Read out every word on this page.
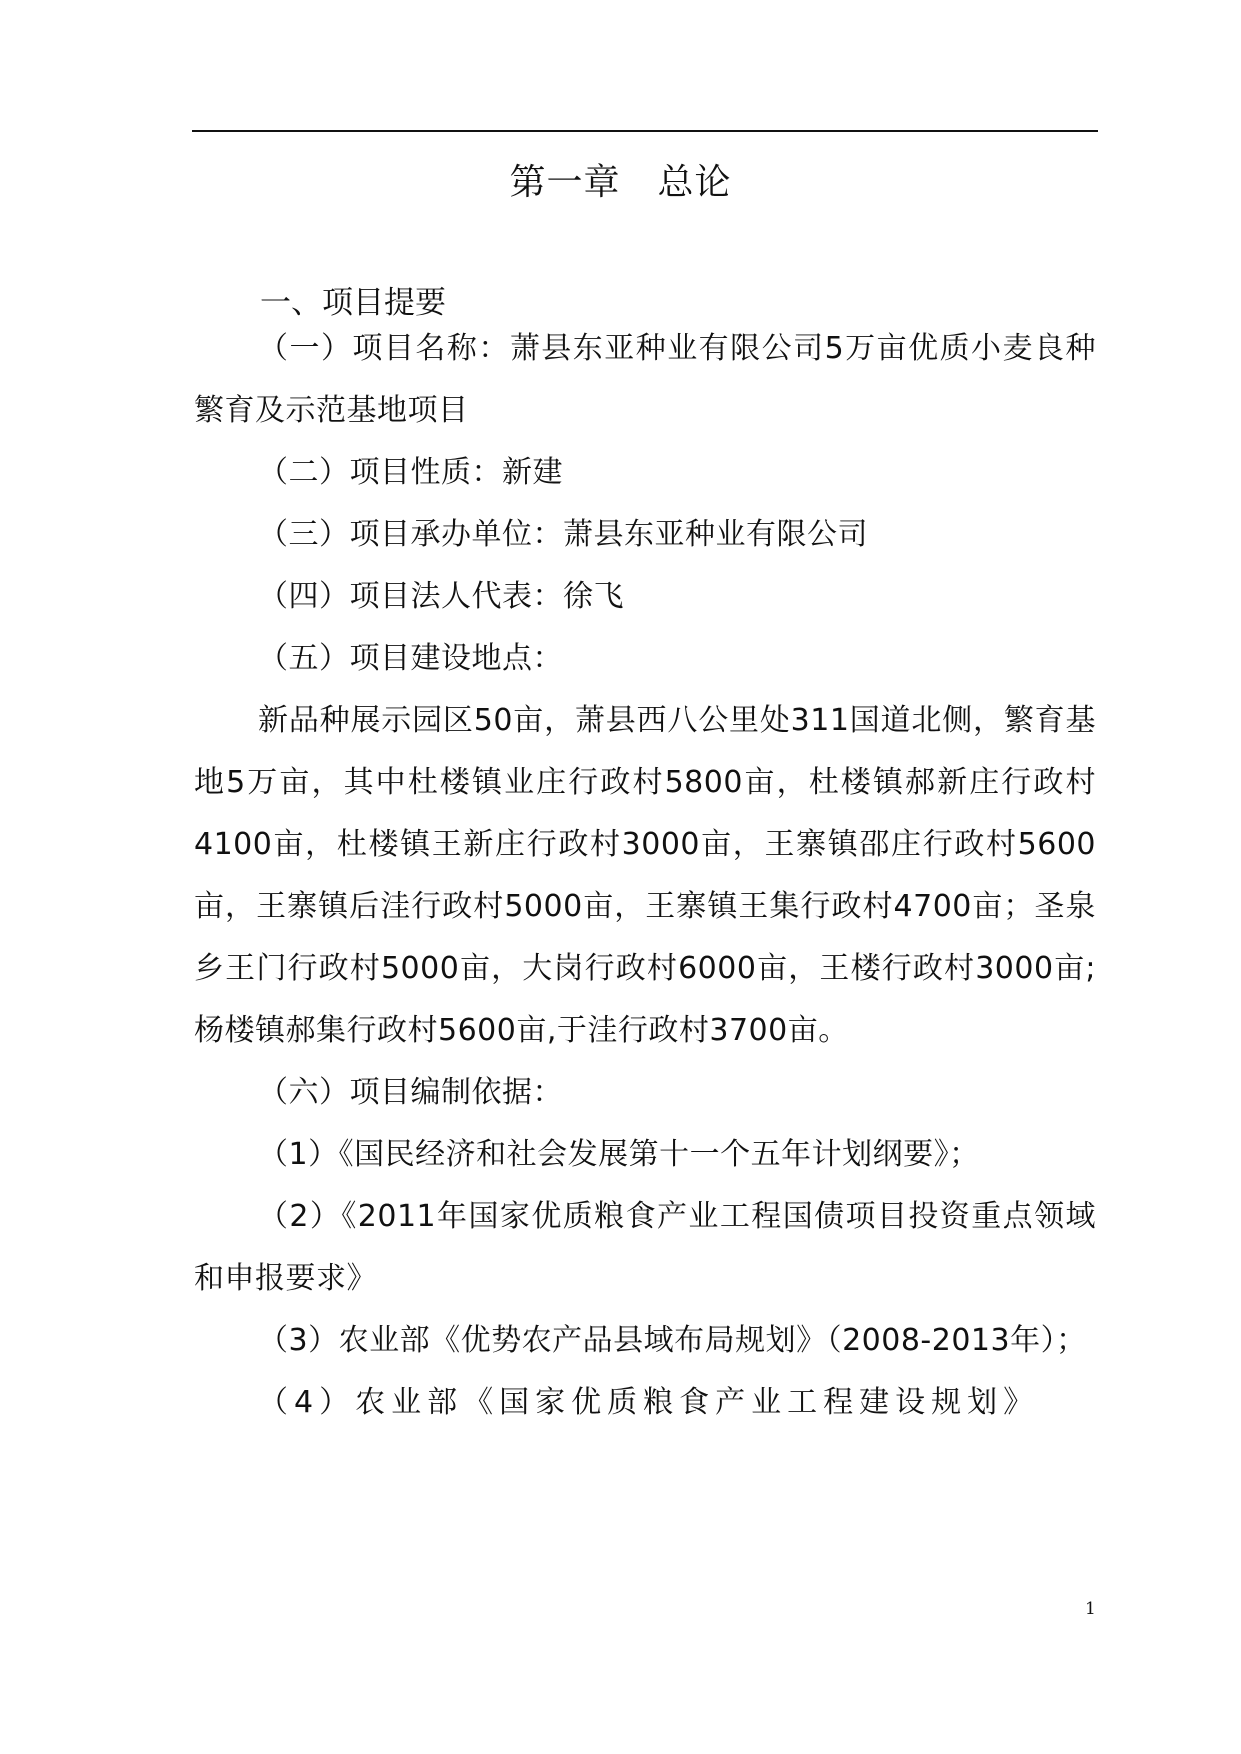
第一章　总论
一、项目提要

（一）项目名称：萧县东亚种业有限公司5万亩优质小麦良种繁育及示范基地项目

（二）项目性质：新建

（三）项目承办单位：萧县东亚种业有限公司

（四）项目法人代表：徐飞

（五）项目建设地点：

新品种展示园区50亩，萧县西八公里处311国道北侧，繁育基地5万亩，其中杜楼镇业庄行政村5800亩，杜楼镇郝新庄行政村4100亩，杜楼镇王新庄行政村3000亩，王寨镇邵庄行政村5600亩，王寨镇后洼行政村5000亩，王寨镇王集行政村4700亩；圣泉乡王门行政村5000亩，大岗行政村6000亩，王楼行政村3000亩;杨楼镇郝集行政村5600亩,于洼行政村3700亩。

（六）项目编制依据：

（1）《国民经济和社会发展第十一个五年计划纲要》；

（2）《2011年国家优质粮食产业工程国债项目投资重点领域和申报要求》

（3）农业部《优势农产品县域布局规划》（2008-2013年）；

（4）农业部《国家优质粮食产业工程建设规划》

1
